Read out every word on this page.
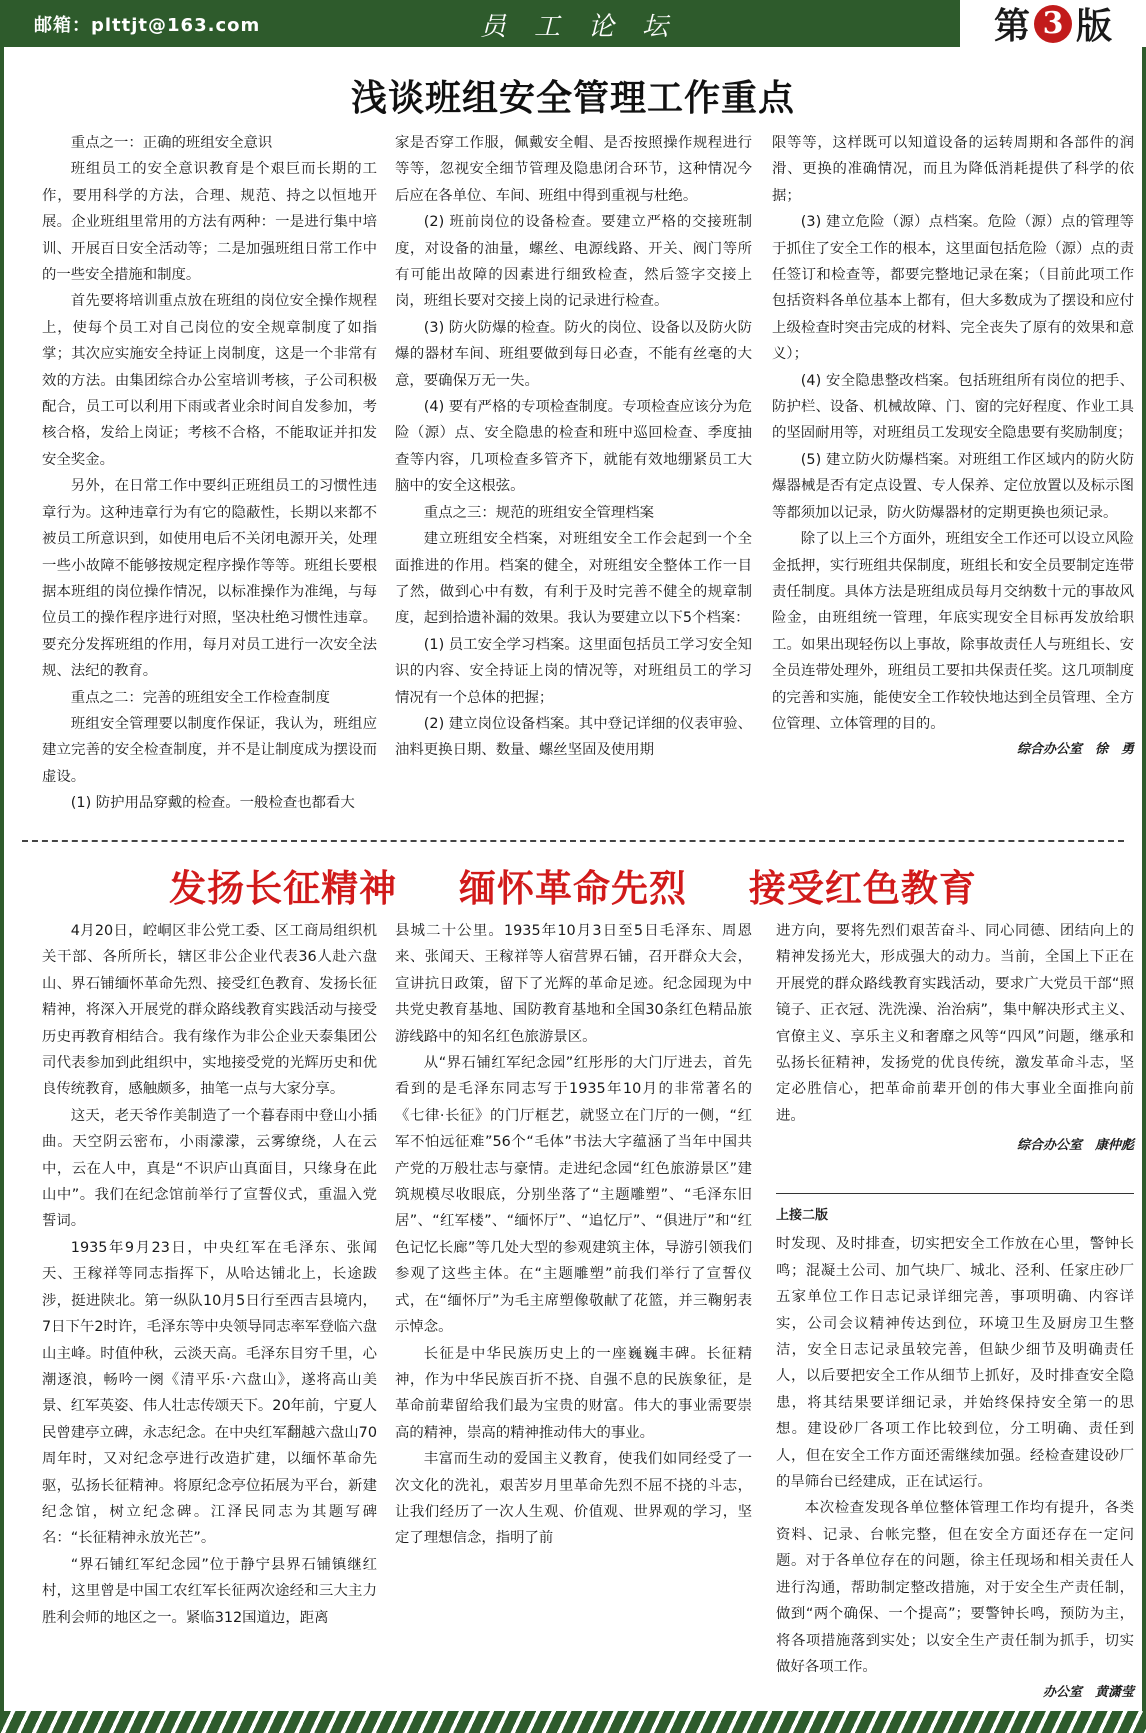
邮箱：plttjt@163.com	员工论坛	第 3 版
浅谈班组安全管理工作重点

重点之一：正确的班组安全意识

班组员工的安全意识教育是个艰巨而长期的工作，要用科学的方法，合理、规范、持之以恒地开展。企业班组里常用的方法有两种：一是进行集中培训、开展百日安全活动等；二是加强班组日常工作中的一些安全措施和制度。

首先要将培训重点放在班组的岗位安全操作规程上，使每个员工对自己岗位的安全规章制度了如指掌；其次应实施安全持证上岗制度，这是一个非常有效的方法。由集团综合办公室培训考核，子公司积极配合，员工可以利用下雨或者业余时间自发参加，考核合格，发给上岗证；考核不合格，不能取证并扣发安全奖金。

另外，在日常工作中要纠正班组员工的习惯性违章行为。这种违章行为有它的隐蔽性，长期以来都不被员工所意识到，如使用电后不关闭电源开关，处理一些小故障不能够按规定程序操作等等。班组长要根据本班组的岗位操作情况，以标准操作为准绳，与每位员工的操作程序进行对照，坚决杜绝习惯性违章。要充分发挥班组的作用，每月对员工进行一次安全法规、法纪的教育。

重点之二：完善的班组安全工作检查制度

班组安全管理要以制度作保证，我认为，班组应建立完善的安全检查制度，并不是让制度成为摆设而虚设。

(1) 防护用品穿戴的检查。一般检查也都看大

家是否穿工作服，佩戴安全帽、是否按照操作规程进行等等，忽视安全细节管理及隐患闭合环节，这种情况今后应在各单位、车间、班组中得到重视与杜绝。

(2) 班前岗位的设备检查。要建立严格的交接班制度，对设备的油量，螺丝、电源线路、开关、阀门等所有可能出故障的因素进行细致检查，然后签字交接上岗，班组长要对交接上岗的记录进行检查。

(3) 防火防爆的检查。防火的岗位、设备以及防火防爆的器材车间、班组要做到每日必查，不能有丝毫的大意，要确保万无一失。

(4) 要有严格的专项检查制度。专项检查应该分为危险（源）点、安全隐患的检查和班中巡回检查、季度抽查等内容，几项检查多管齐下，就能有效地绷紧员工大脑中的安全这根弦。

重点之三：规范的班组安全管理档案

建立班组安全档案，对班组安全工作会起到一个全面推进的作用。档案的健全，对班组安全整体工作一目了然，做到心中有数，有利于及时完善不健全的规章制度，起到拾遗补漏的效果。我认为要建立以下5个档案：

(1) 员工安全学习档案。这里面包括员工学习安全知识的内容、安全持证上岗的情况等，对班组员工的学习情况有一个总体的把握；

(2) 建立岗位设备档案。其中登记详细的仪表审验、油料更换日期、数量、螺丝坚固及使用期

限等等，这样既可以知道设备的运转周期和各部件的润滑、更换的准确情况，而且为降低消耗提供了科学的依据；

(3) 建立危险（源）点档案。危险（源）点的管理等于抓住了安全工作的根本，这里面包括危险（源）点的责任签订和检查等，都要完整地记录在案；（目前此项工作包括资料各单位基本上都有，但大多数成为了摆设和应付上级检查时突击完成的材料、完全丧失了原有的效果和意义）；

(4) 安全隐患整改档案。包括班组所有岗位的把手、防护栏、设备、机械故障、门、窗的完好程度、作业工具的坚固耐用等，对班组员工发现安全隐患要有奖励制度；

(5) 建立防火防爆档案。对班组工作区域内的防火防爆器械是否有定点设置、专人保养、定位放置以及标示图等都须加以记录，防火防爆器材的定期更换也须记录。

除了以上三个方面外，班组安全工作还可以设立风险金抵押，实行班组共保制度，班组长和安全员要制定连带责任制度。具体方法是班组成员每月交纳数十元的事故风险金，由班组统一管理，年底实现安全目标再发放给职工。如果出现轻伤以上事故，除事故责任人与班组长、安全员连带处理外，班组员工要扣共保责任奖。这几项制度的完善和实施，能使安全工作较快地达到全员管理、全方位管理、立体管理的目的。

综合办公室　徐　勇
发扬长征精神 缅怀革命先烈 接受红色教育

4月20日，崆峒区非公党工委、区工商局组织机关干部、各所所长，辖区非公企业代表36人赴六盘山、界石铺缅怀革命先烈、接受红色教育、发扬长征精神，将深入开展党的群众路线教育实践活动与接受历史再教育相结合。我有缘作为非公企业天泰集团公司代表参加到此组织中，实地接受党的光辉历史和优良传统教育，感触颇多，抽笔一点与大家分享。

这天，老天爷作美制造了一个暮春雨中登山小插曲。天空阴云密布，小雨濛濛，云雾缭绕，人在云中，云在人中，真是“不识庐山真面目，只缘身在此山中”。我们在纪念馆前举行了宣誓仪式，重温入党誓词。

1935年9月23日，中央红军在毛泽东、张闻天、王稼祥等同志指挥下，从哈达铺北上，长途跋涉，挺进陕北。第一纵队10月5日行至西吉县境内，7日下午2时许，毛泽东等中央领导同志率军登临六盘山主峰。时值仲秋，云淡天高。毛泽东目穷千里，心潮逐浪，畅吟一阕《清平乐·六盘山》，遂将高山美景、红军英姿、伟人壮志传颂天下。20年前，宁夏人民曾建亭立碑，永志纪念。在中央红军翻越六盘山70周年时，又对纪念亭进行改造扩建，以缅怀革命先驱，弘扬长征精神。将原纪念亭位拓展为平台，新建纪念馆，树立纪念碑。江泽民同志为其题写碑名：“长征精神永放光芒”。

“界石铺红军纪念园”位于静宁县界石铺镇继红村，这里曾是中国工农红军长征两次途经和三大主力胜利会师的地区之一。紧临312国道边，距离

县城二十公里。1935年10月3日至5日毛泽东、周恩来、张闻天、王稼祥等人宿营界石铺，召开群众大会，宣讲抗日政策，留下了光辉的革命足迹。纪念园现为中共党史教育基地、国防教育基地和全国30条红色精品旅游线路中的知名红色旅游景区。

从“界石铺红军纪念园”红彤彤的大门厅进去，首先看到的是毛泽东同志写于1935年10月的非常著名的《七律·长征》的门厅框艺，就竖立在门厅的一侧，“红军不怕远征难”56个“毛体”书法大字蕴涵了当年中国共产党的万般壮志与豪情。走进纪念园“红色旅游景区”建筑规模尽收眼底，分别坐落了“主题雕塑”、“毛泽东旧居”、“红军楼”、“缅怀厅”、“追忆厅”、“俱进厅”和“红色记忆长廊”等几处大型的参观建筑主体，导游引领我们参观了这些主体。在“主题雕塑”前我们举行了宣誓仪式，在“缅怀厅”为毛主席塑像敬献了花篮，并三鞠躬表示悼念。

长征是中华民族历史上的一座巍巍丰碑。长征精神，作为中华民族百折不挠、自强不息的民族象征，是革命前辈留给我们最为宝贵的财富。伟大的事业需要崇高的精神，崇高的精神推动伟大的事业。

丰富而生动的爱国主义教育，使我们如同经受了一次文化的洗礼，艰苦岁月里革命先烈不屈不挠的斗志，让我们经历了一次人生观、价值观、世界观的学习，坚定了理想信念，指明了前

进方向，要将先烈们艰苦奋斗、同心同德、团结向上的精神发扬光大，形成强大的动力。当前，全国上下正在开展党的群众路线教育实践活动，要求广大党员干部“照镜子、正衣冠、洗洗澡、治治病”，集中解决形式主义、官僚主义、享乐主义和奢靡之风等“四风”问题，继承和弘扬长征精神，发扬党的优良传统，激发革命斗志，坚定必胜信心，把革命前辈开创的伟大事业全面推向前进。

综合办公室　康仲彪

上接二版

时发现、及时排查，切实把安全工作放在心里，警钟长鸣；混凝土公司、加气块厂、城北、泾利、任家庄砂厂五家单位工作日志记录详细完善，事项明确、内容详实，公司会议精神传达到位，环境卫生及厨房卫生整洁，安全日志记录虽较完善，但缺少细节及明确责任人，以后要把安全工作从细节上抓好，及时排查安全隐患，将其结果要详细记录，并始终保持安全第一的思想。建设砂厂各项工作比较到位，分工明确、责任到人，但在安全工作方面还需继续加强。经检查建设砂厂的旱筛台已经建成，正在试运行。

本次检查发现各单位整体管理工作均有提升，各类资料、记录、台帐完整，但在安全方面还存在一定问题。对于各单位存在的问题，徐主任现场和相关责任人进行沟通，帮助制定整改措施，对于安全生产责任制，做到“两个确保、一个提高”；要警钟长鸣，预防为主，将各项措施落到实处；以安全生产责任制为抓手，切实做好各项工作。

办公室　黄潇莹
